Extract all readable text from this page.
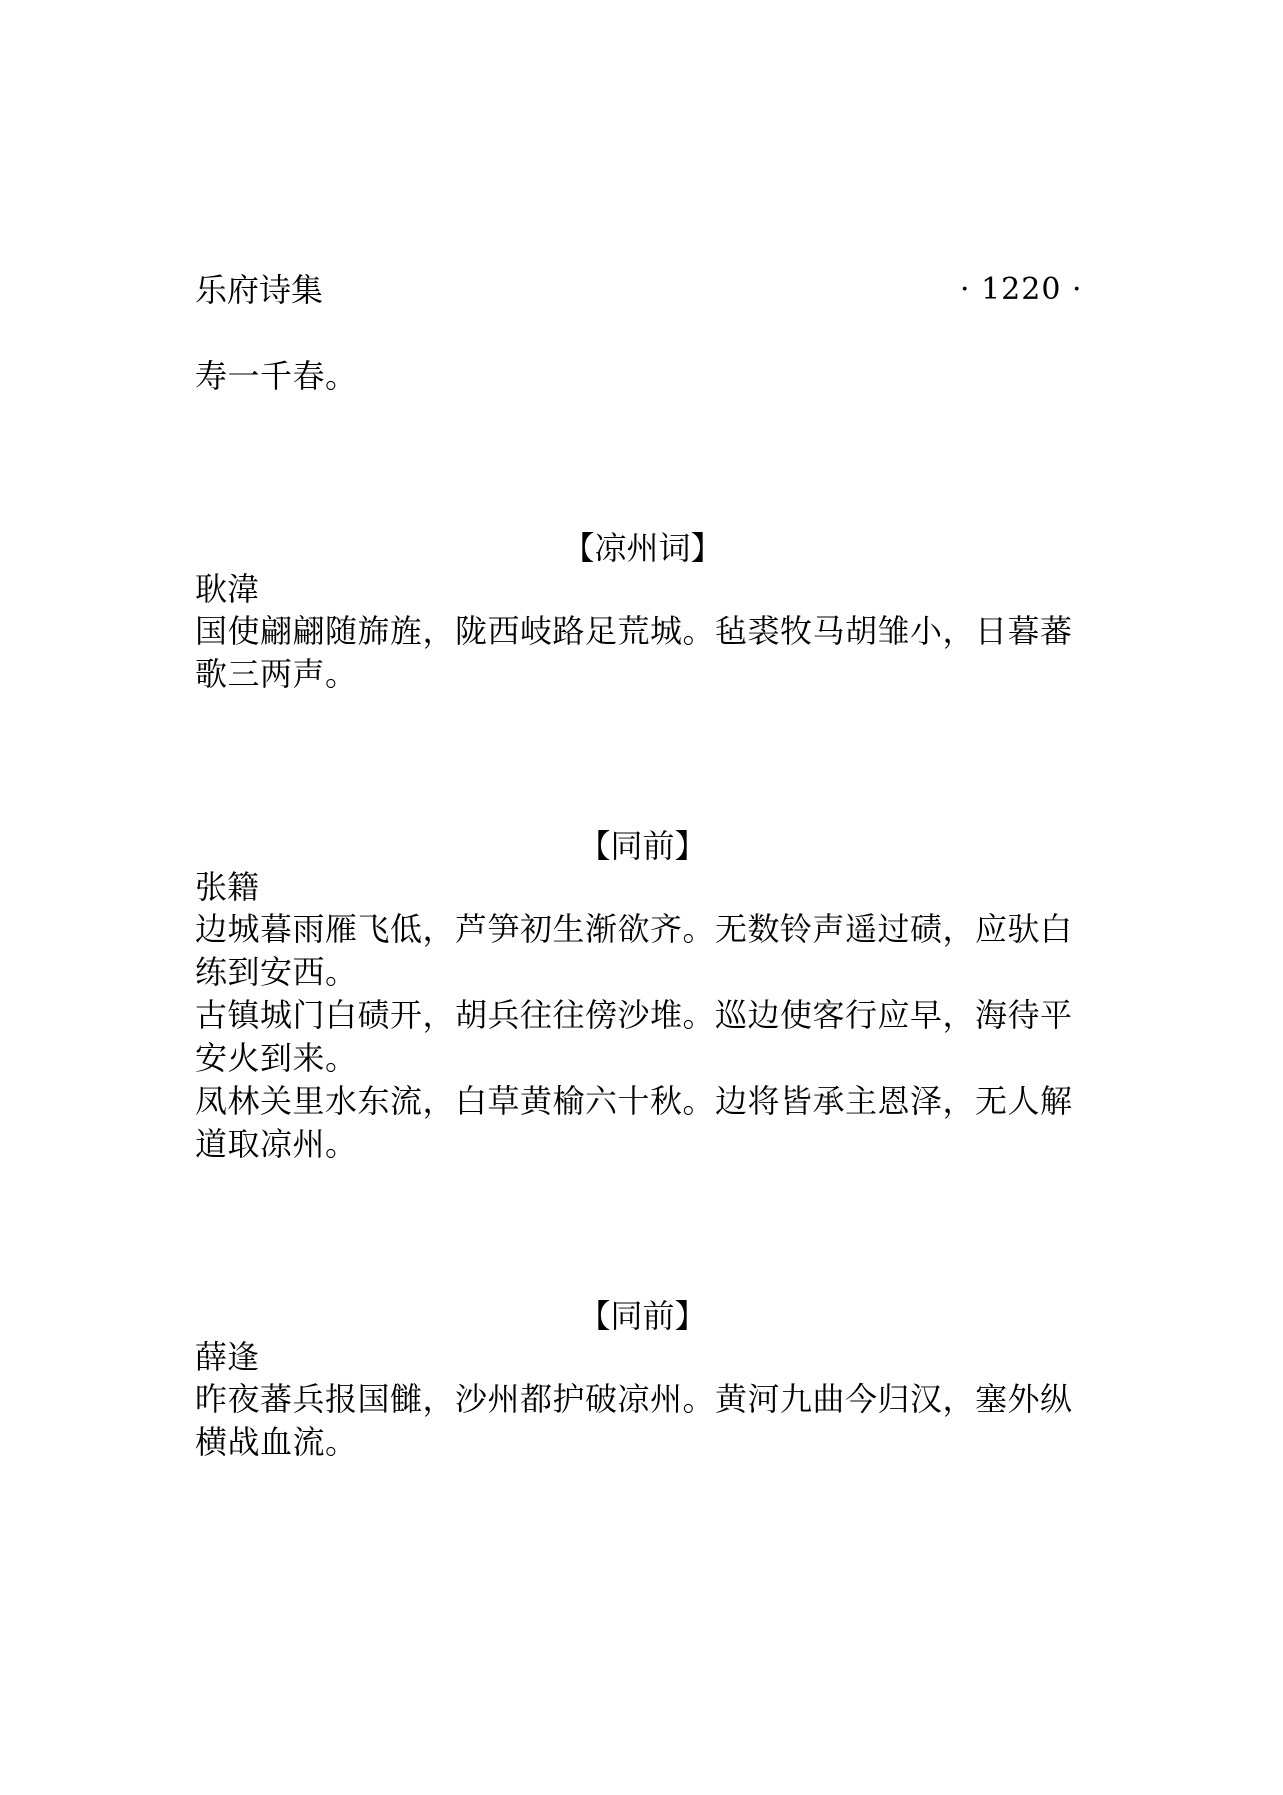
乐府诗集	· 1220 ·
寿一千春。
【凉州词】
耿湋

国使翩翩随旆旌，陇西岐路足荒城。毡裘牧马胡雏小，日暮蕃歌三两声。

【同前】
张籍

边城暮雨雁飞低，芦笋初生渐欲齐。无数铃声遥过碛，应驮白练到安西。

古镇城门白碛开，胡兵往往傍沙堆。巡边使客行应早，海待平安火到来。

凤林关里水东流，白草黄榆六十秋。边将皆承主恩泽，无人解道取凉州。

【同前】
薛逢

昨夜蕃兵报国雠，沙州都护破凉州。黄河九曲今归汉，塞外纵横战血流。
